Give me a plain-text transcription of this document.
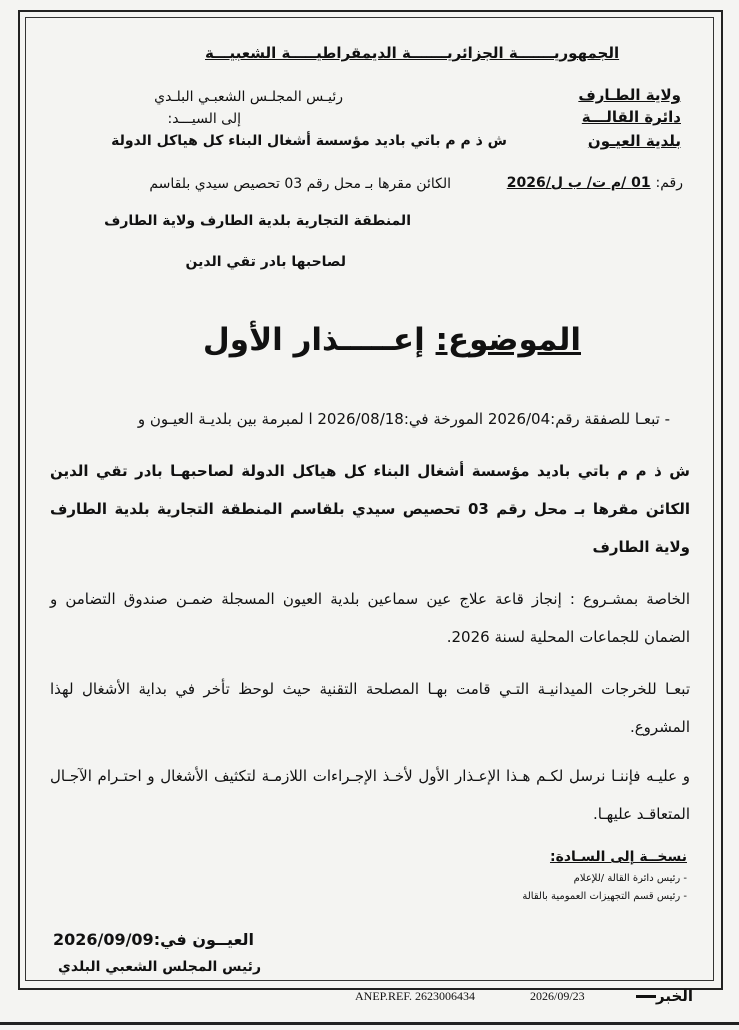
الجمهوريـــــــة الجزائريـــــــة الديمقراطيـــــة الشعبيـــة
ولاية الطـارف
دائرة القالـــة
بلدية العيـون
رئيـس المجلـس الشعبـي البلـدي
إلى السيـــد:
ش ذ م م باتي باديد مؤسسة أشغال البناء كل هياكل الدولة
رقم: 01 /م ت/ ب ل/2026
الكائن مقرها بـ محل رقم 03 تحصيص سيدي بلقاسم
المنطقة التجارية بلدية الطارف ولاية الطارف
لصاحبها بادر تقي الدين
الموضوع: إعـــــذار الأول
- تبعـا للصفقة رقم:2026/04 المورخة في:2026/08/18 ا لمبرمة بين بلديـة العيـون و
ش ذ م م باتي باديد مؤسسة أشغال البناء كل هياكل الدولة لصاحبهـا بادر تقي الدين الكائن مقرها بـ محل رقم 03 تحصيص سيدي بلقاسم المنطقة التجارية بلدية الطارف ولاية الطارف
الخاصة بمشـروع : إنجاز قاعة علاج عين سماعين بلدية العيون المسجلة ضمـن صندوق التضامن و الضمان للجماعات المحلية لسنة 2026.
تبعـا للخرجات الميدانيـة التـي قامت بهـا المصلحة التقنية حيث لوحظ تأخر في بداية الأشغال لهذا المشروع.
و عليـه فإننـا نرسل لكـم هـذا الإعـذار الأول لأخـذ الإجـراءات اللازمـة لتكثيف الأشغال و احتـرام الآجـال المتعاقـد عليهـا.
نسخــة إلى السـادة:
- رئيس دائرة القالة /للإعلام
- رئيس قسم التجهيزات العمومية بالقالة
العيــون في:2026/09/09
رئيس المجلس الشعبي البلدي
ANEP.REF. 2623006434	2026/09/23	الخبر
